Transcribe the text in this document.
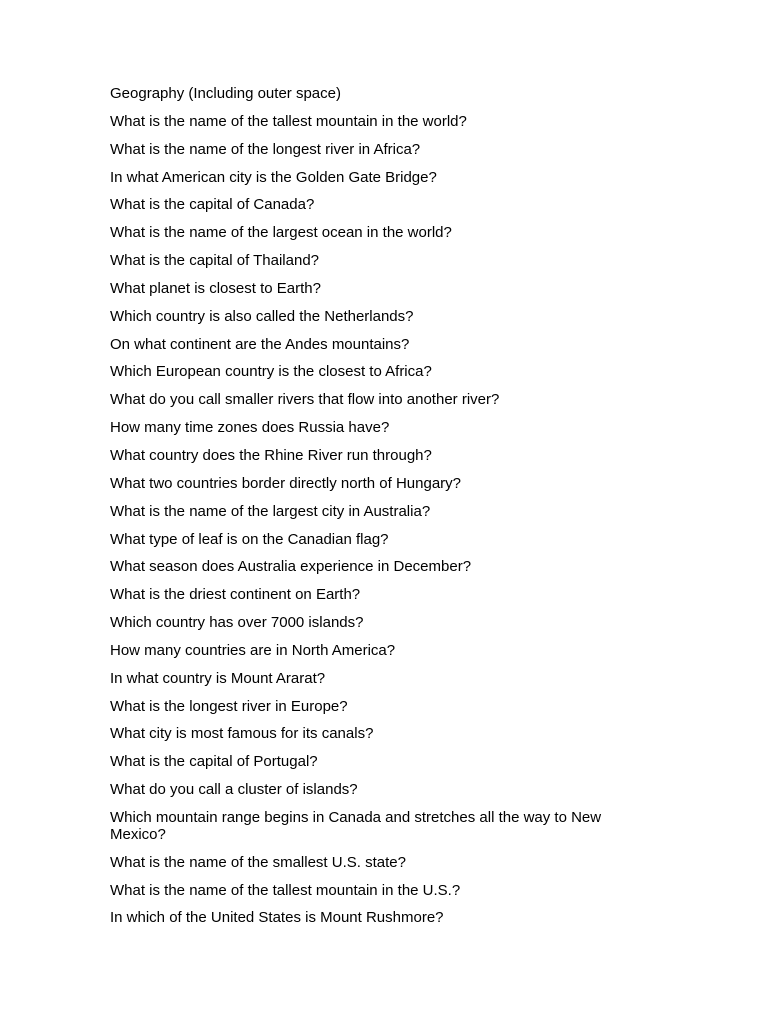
Geography (Including outer space)

What is the name of the tallest mountain in the world?

What is the name of the longest river in Africa?

In what American city is the Golden Gate Bridge?

What is the capital of Canada?

What is the name of the largest ocean in the world?

What is the capital of Thailand?

What planet is closest to Earth?

Which country is also called the Netherlands?

On what continent are the Andes mountains?

Which European country is the closest to Africa?

What do you call smaller rivers that flow into another river?

How many time zones does Russia have?

What country does the Rhine River run through?

What two countries border directly north of Hungary?

What is the name of the largest city in Australia?

What type of leaf is on the Canadian flag?

What season does Australia experience in December?

What is the driest continent on Earth?

Which country has over 7000 islands?

How many countries are in North America?

In what country is Mount Ararat?

What is the longest river in Europe?

What city is most famous for its canals?

What is the capital of Portugal?

What do you call a cluster of islands?

Which mountain range begins in Canada and stretches all the way to New Mexico?

What is the name of the smallest U.S. state?

What is the name of the tallest mountain in the U.S.?

In which of the United States is Mount Rushmore?
